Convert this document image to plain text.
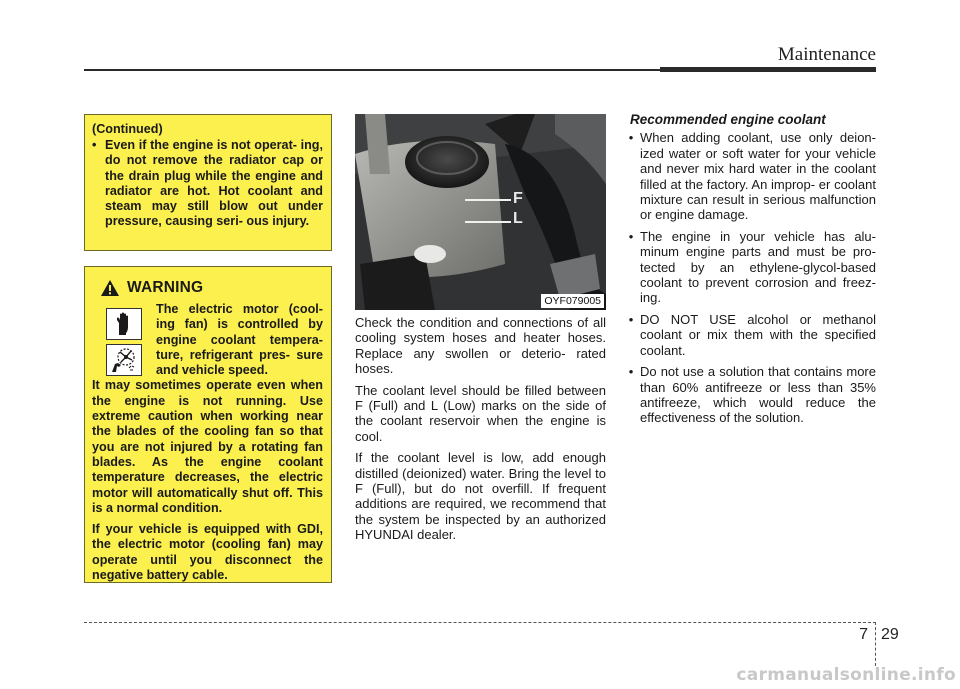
Maintenance
(Continued)
• Even if the engine is not operat- ing, do not remove the radiator cap or the drain plug while the engine and radiator are hot. Hot coolant and steam may still blow out under pressure, causing seri- ous injury.
WARNING
The electric motor (cool- ing fan) is controlled by engine coolant tempera- ture, refrigerant pres- sure and vehicle speed.
It may sometimes operate even when the engine is not running. Use extreme caution when working near the blades of the cooling fan so that you are not injured by a rotating fan blades. As the engine coolant temperature decreases, the electric motor will automatically shut off. This is a normal condition.
If your vehicle is equipped with GDI, the electric motor (cooling fan) may operate until you disconnect the negative battery cable.
F
L
OYF079005

Check the condition and connections of all cooling system hoses and heater hoses. Replace any swollen or deterio- rated hoses.

The coolant level should be filled between F (Full) and L (Low) marks on the side of the coolant reservoir when the engine is cool.

If the coolant level is low, add enough distilled (deionized) water. Bring the level to F (Full), but do not overfill. If frequent additions are required, we recommend that the system be inspected by an authorized HYUNDAI dealer.

Recommended engine coolant
• When adding coolant, use only deion- ized water or soft water for your vehicle and never mix hard water in the coolant filled at the factory. An improp- er coolant mixture can result in serious malfunction or engine damage.
• The engine in your vehicle has alu- minum engine parts and must be pro- tected by an ethylene-glycol-based coolant to prevent corrosion and freez- ing.
• DO NOT USE alcohol or methanol coolant or mix them with the specified coolant.
• Do not use a solution that contains more than 60% antifreeze or less than 35% antifreeze, which would reduce the effectiveness of the solution.
7 29
carmanualsonline.info
